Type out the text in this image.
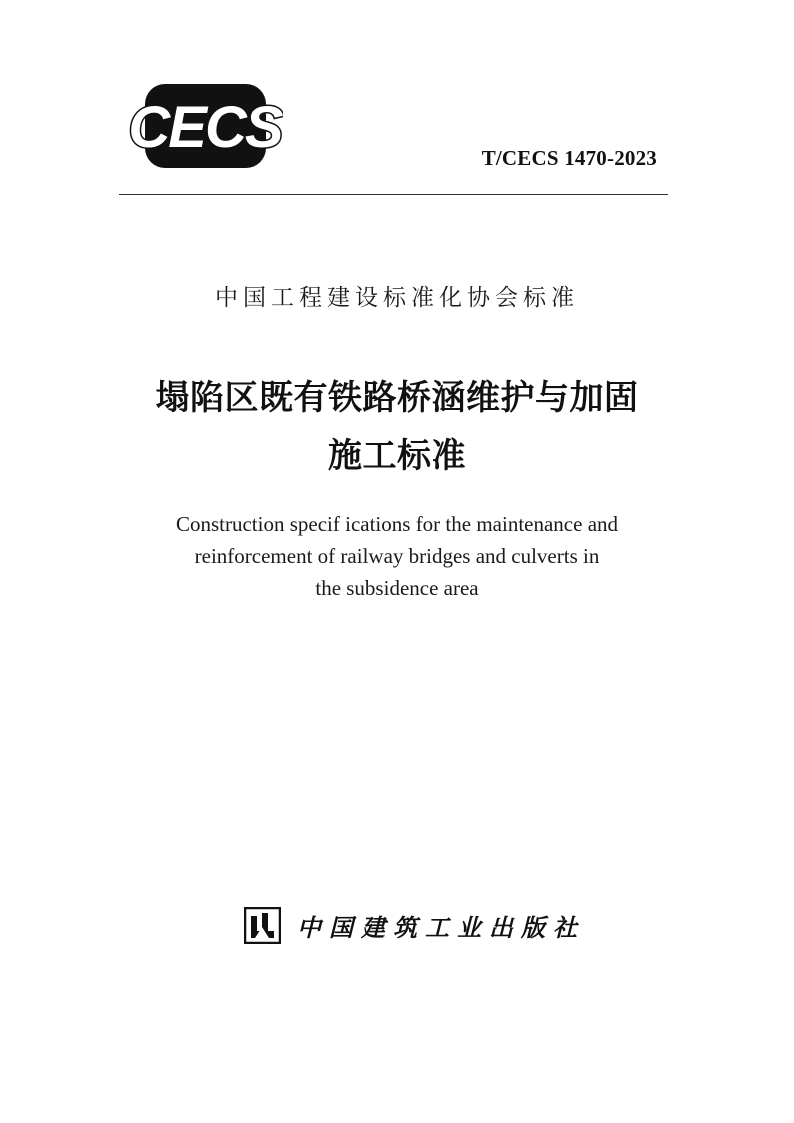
CECS	T/CECS 1470-2023
中国工程建设标准化协会标准
塌陷区既有铁路桥涵维护与加固
施工标准
Construction specif ications for the maintenance and
reinforcement of railway bridges and culverts in
the subsidence area
中国建筑工业出版社
